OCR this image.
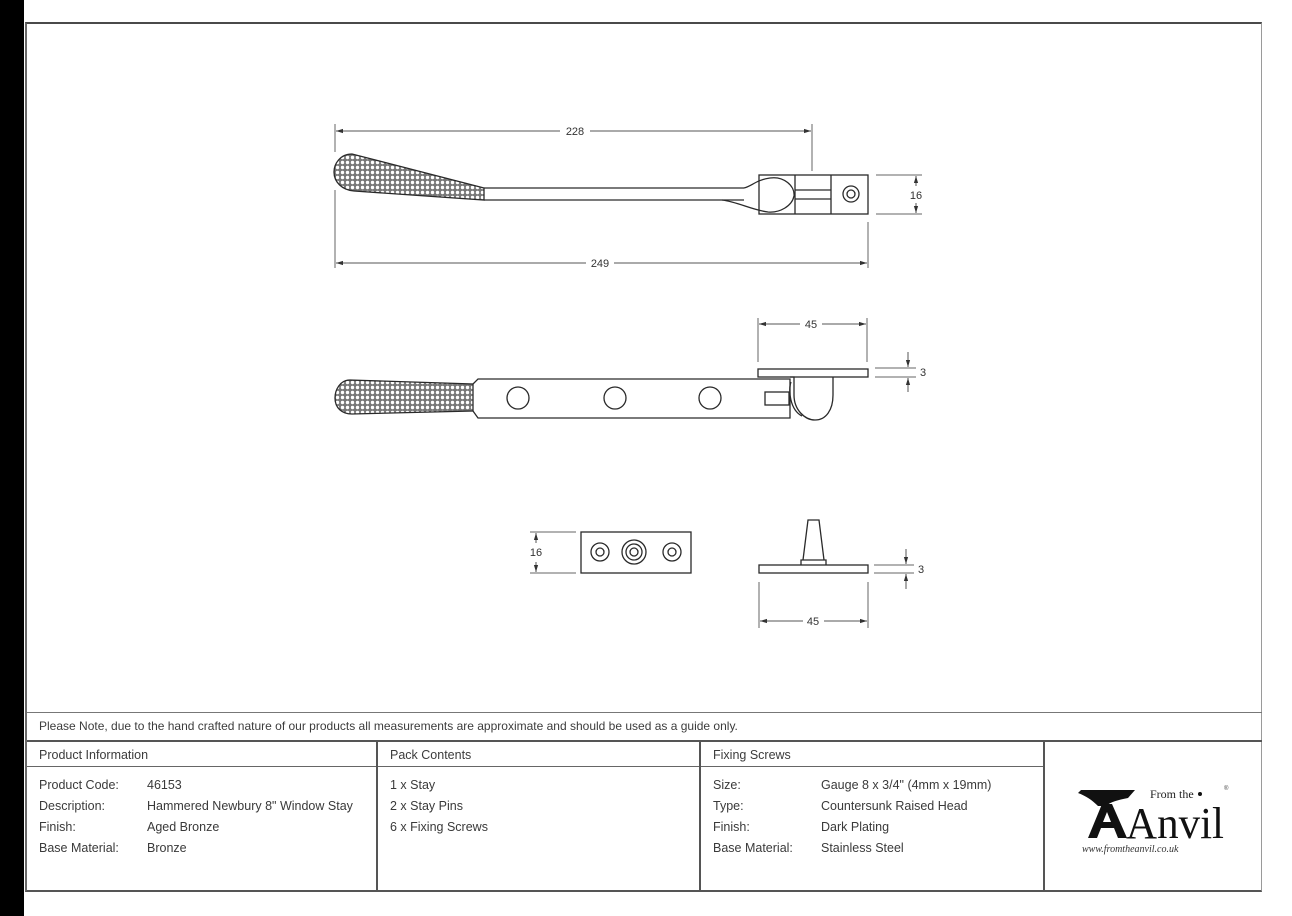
228
249
16
45
3
16
45
3
Please Note, due to the hand crafted nature of our products all measurements are approximate and should be used as a guide only.
Product Information
Product Code:	46153
Description:	Hammered Newbury 8" Window Stay
Finish:	Aged Bronze
Base Material:	Bronze
Pack Contents
1 x Stay
2 x Stay Pins
6 x Fixing Screws
Fixing Screws
Size:	Gauge 8 x 3/4" (4mm x 19mm)
Type:	Countersunk Raised Head
Finish:	Dark Plating
Base Material:	Stainless Steel
From the
Anvil
®
www.fromtheanvil.co.uk
